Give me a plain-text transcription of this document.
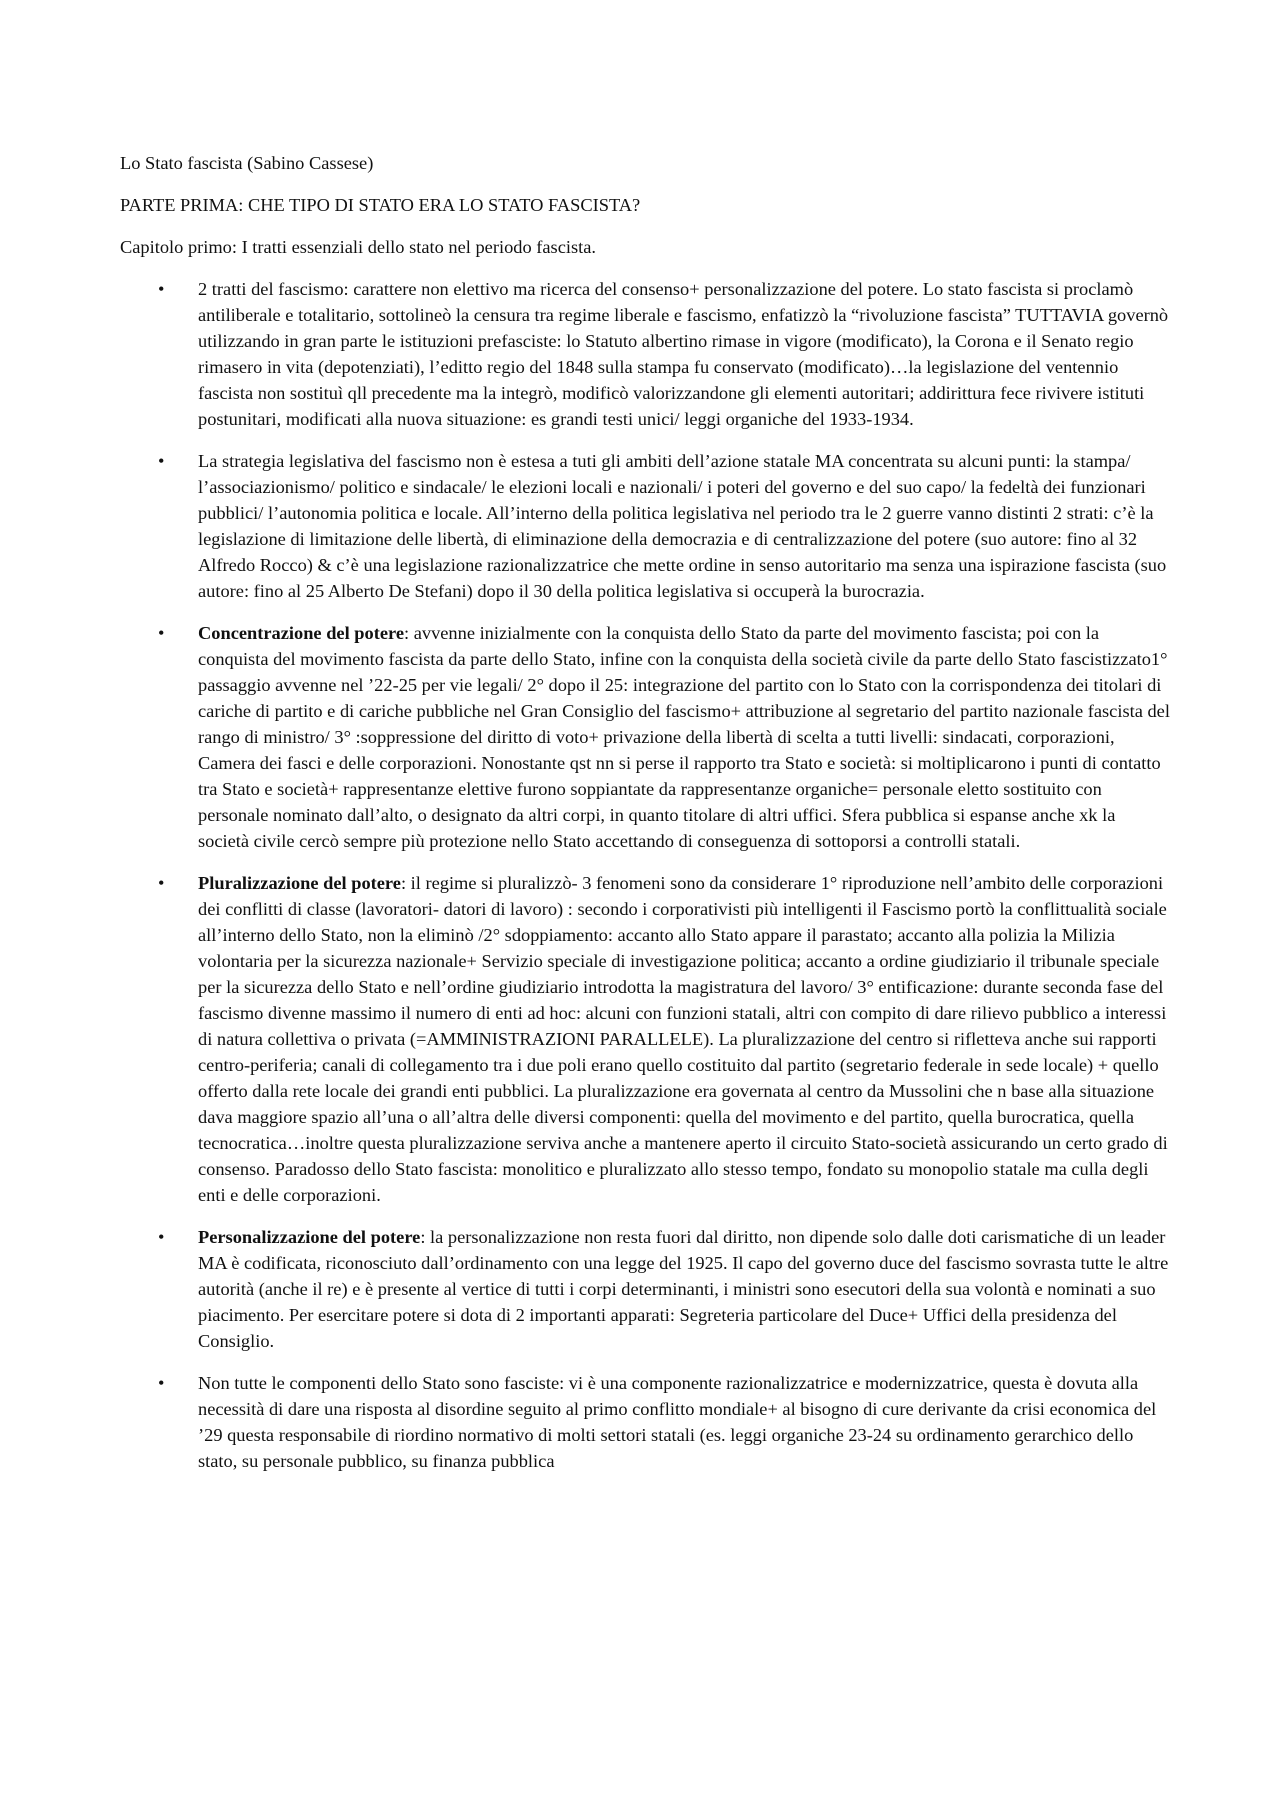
Lo Stato fascista (Sabino Cassese)

PARTE PRIMA: CHE TIPO DI STATO ERA LO STATO FASCISTA?

Capitolo primo: I tratti essenziali dello stato nel periodo fascista.

• 2 tratti del fascismo: carattere non elettivo ma ricerca del consenso+ personalizzazione del potere. Lo stato fascista si proclamò antiliberale e totalitario, sottolineò la censura tra regime liberale e fascismo, enfatizzò la “rivoluzione fascista” TUTTAVIA governò utilizzando in gran parte le istituzioni prefasciste: lo Statuto albertino rimase in vigore (modificato), la Corona e il Senato regio rimasero in vita (depotenziati), l’editto regio del 1848 sulla stampa fu conservato (modificato)…la legislazione del ventennio fascista non sostituì qll precedente ma la integrò, modificò valorizzandone gli elementi autoritari; addirittura fece rivivere istituti postunitari, modificati alla nuova situazione: es grandi testi unici/ leggi organiche del 1933-1934.
• La strategia legislativa del fascismo non è estesa a tuti gli ambiti dell’azione statale MA concentrata su alcuni punti: la stampa/ l’associazionismo/ politico e sindacale/ le elezioni locali e nazionali/ i poteri del governo e del suo capo/ la fedeltà dei funzionari pubblici/ l’autonomia politica e locale. All’interno della politica legislativa nel periodo tra le 2 guerre vanno distinti 2 strati: c’è la legislazione di limitazione delle libertà, di eliminazione della democrazia e di centralizzazione del potere (suo autore: fino al 32 Alfredo Rocco) & c’è una legislazione razionalizzatrice che mette ordine in senso autoritario ma senza una ispirazione fascista (suo autore: fino al 25 Alberto De Stefani) dopo il 30 della politica legislativa si occuperà la burocrazia.
• Concentrazione del potere: avvenne inizialmente con la conquista dello Stato da parte del movimento fascista; poi con la conquista del movimento fascista da parte dello Stato, infine con la conquista della società civile da parte dello Stato fascistizzato1° passaggio avvenne nel ’22-25 per vie legali/ 2° dopo il 25: integrazione del partito con lo Stato con la corrispondenza dei titolari di cariche di partito e di cariche pubbliche nel Gran Consiglio del fascismo+ attribuzione al segretario del partito nazionale fascista del rango di ministro/ 3° :soppressione del diritto di voto+ privazione della libertà di scelta a tutti livelli: sindacati, corporazioni, Camera dei fasci e delle corporazioni. Nonostante qst nn si perse il rapporto tra Stato e società: si moltiplicarono i punti di contatto tra Stato e società+ rappresentanze elettive furono soppiantate da rappresentanze organiche= personale eletto sostituito con personale nominato dall’alto, o designato da altri corpi, in quanto titolare di altri uffici. Sfera pubblica si espanse anche xk la società civile cercò sempre più protezione nello Stato accettando di conseguenza di sottoporsi a controlli statali.
• Pluralizzazione del potere: il regime si pluralizzò- 3 fenomeni sono da considerare 1° riproduzione nell’ambito delle corporazioni dei conflitti di classe (lavoratori- datori di lavoro) : secondo i corporativisti più intelligenti il Fascismo portò la conflittualità sociale all’interno dello Stato, non la eliminò /2° sdoppiamento: accanto allo Stato appare il parastato; accanto alla polizia la Milizia volontaria per la sicurezza nazionale+ Servizio speciale di investigazione politica; accanto a ordine giudiziario il tribunale speciale per la sicurezza dello Stato e nell’ordine giudiziario introdotta la magistratura del lavoro/ 3° entificazione: durante seconda fase del fascismo divenne massimo il numero di enti ad hoc: alcuni con funzioni statali, altri con compito di dare rilievo pubblico a interessi di natura collettiva o privata (=AMMINISTRAZIONI PARALLELE). La pluralizzazione del centro si rifletteva anche sui rapporti centro-periferia; canali di collegamento tra i due poli erano quello costituito dal partito (segretario federale in sede locale) + quello offerto dalla rete locale dei grandi enti pubblici. La pluralizzazione era governata al centro da Mussolini che n base alla situazione dava maggiore spazio all’una o all’altra delle diversi componenti: quella del movimento e del partito, quella burocratica, quella tecnocratica…inoltre questa pluralizzazione serviva anche a mantenere aperto il circuito Stato-società assicurando un certo grado di consenso. Paradosso dello Stato fascista: monolitico e pluralizzato allo stesso tempo, fondato su monopolio statale ma culla degli enti e delle corporazioni.
• Personalizzazione del potere: la personalizzazione non resta fuori dal diritto, non dipende solo dalle doti carismatiche di un leader MA è codificata, riconosciuto dall’ordinamento con una legge del 1925. Il capo del governo duce del fascismo sovrasta tutte le altre autorità (anche il re) e è presente al vertice di tutti i corpi determinanti, i ministri sono esecutori della sua volontà e nominati a suo piacimento. Per esercitare potere si dota di 2 importanti apparati: Segreteria particolare del Duce+ Uffici della presidenza del Consiglio.
• Non tutte le componenti dello Stato sono fasciste: vi è una componente razionalizzatrice e modernizzatrice, questa è dovuta alla necessità di dare una risposta al disordine seguito al primo conflitto mondiale+ al bisogno di cure derivante da crisi economica del ’29 questa responsabile di riordino normativo di molti settori statali (es. leggi organiche 23-24 su ordinamento gerarchico dello stato, su personale pubblico, su finanza pubblica
